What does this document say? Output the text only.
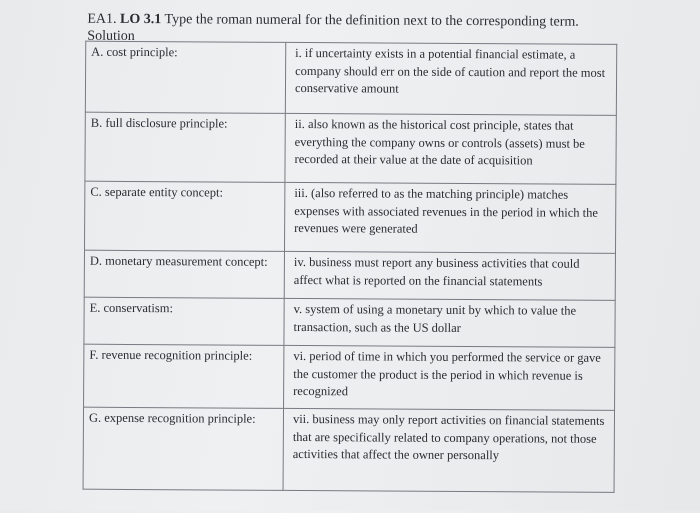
EA1. LO 3.1 Type the roman numeral for the definition next to the corresponding term.
Solution
A. cost principle:	i. if uncertainty exists in a potential financial estimate, a company should err on the side of caution and report the most conservative amount
B. full disclosure principle:	ii. also known as the historical cost principle, states that everything the company owns or controls (assets) must be recorded at their value at the date of acquisition
C. separate entity concept:	iii. (also referred to as the matching principle) matches expenses with associated revenues in the period in which the revenues were generated
D. monetary measurement concept:	iv. business must report any business activities that could affect what is reported on the financial statements
E. conservatism:	v. system of using a monetary unit by which to value the transaction, such as the US dollar
F. revenue recognition principle:	vi. period of time in which you performed the service or gave the customer the product is the period in which revenue is recognized
G. expense recognition principle:	vii. business may only report activities on financial statements that are specifically related to company operations, not those activities that affect the owner personally
